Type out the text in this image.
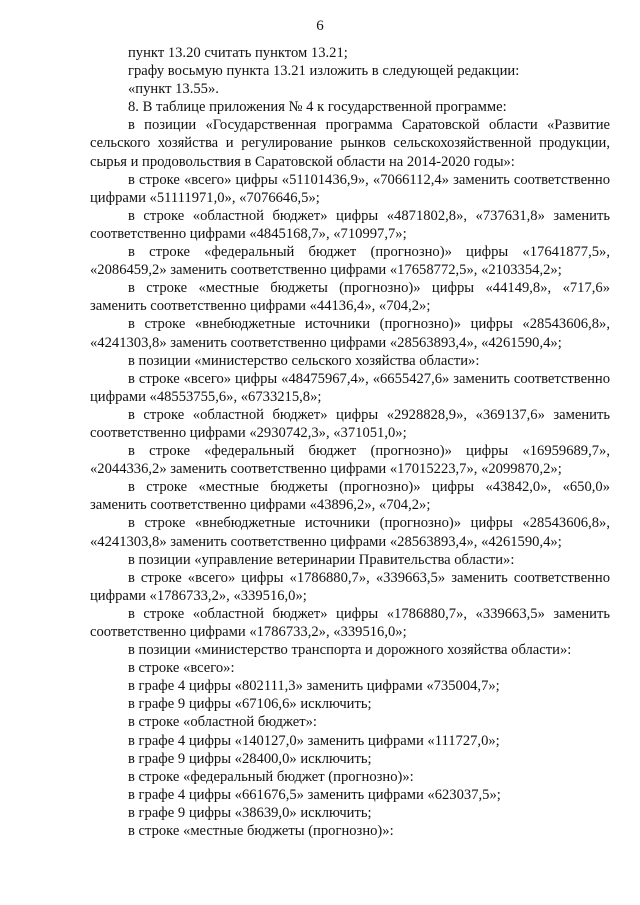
6

пункт 13.20 считать пунктом 13.21;

графу восьмую пункта 13.21 изложить в следующей редакции:

«пункт 13.55».

8. В таблице приложения № 4 к государственной программе:

в позиции «Государственная программа Саратовской области «Развитие сельского хозяйства и регулирование рынков сельскохозяйственной продукции, сырья и продовольствия в Саратовской области на 2014-2020 годы»:

в строке «всего» цифры «51101436,9», «7066112,4» заменить соответственно цифрами «51111971,0», «7076646,5»;

в строке «областной бюджет» цифры «4871802,8», «737631,8» заменить соответственно цифрами «4845168,7», «710997,7»;

в строке «федеральный бюджет (прогнозно)» цифры «17641877,5», «2086459,2» заменить соответственно цифрами «17658772,5», «2103354,2»;

в строке «местные бюджеты (прогнозно)» цифры «44149,8», «717,6» заменить соответственно цифрами «44136,4», «704,2»;

в строке «внебюджетные источники (прогнозно)» цифры «28543606,8», «4241303,8» заменить соответственно цифрами «28563893,4», «4261590,4»;

в позиции «министерство сельского хозяйства области»:

в строке «всего» цифры «48475967,4», «6655427,6» заменить соответственно цифрами «48553755,6», «6733215,8»;

в строке «областной бюджет» цифры «2928828,9», «369137,6» заменить соответственно цифрами «2930742,3», «371051,0»;

в строке «федеральный бюджет (прогнозно)» цифры «16959689,7», «2044336,2» заменить соответственно цифрами «17015223,7», «2099870,2»;

в строке «местные бюджеты (прогнозно)» цифры «43842,0», «650,0» заменить соответственно цифрами «43896,2», «704,2»;

в строке «внебюджетные источники (прогнозно)» цифры «28543606,8», «4241303,8» заменить соответственно цифрами «28563893,4», «4261590,4»;

в позиции «управление ветеринарии Правительства области»:

в строке «всего» цифры «1786880,7», «339663,5» заменить соответственно цифрами «1786733,2», «339516,0»;

в строке «областной бюджет» цифры «1786880,7», «339663,5» заменить соответственно цифрами «1786733,2», «339516,0»;

в позиции «министерство транспорта и дорожного хозяйства области»:

в строке «всего»:

в графе 4 цифры «802111,3» заменить цифрами «735004,7»;

в графе 9 цифры «67106,6» исключить;

в строке «областной бюджет»:

в графе 4 цифры «140127,0» заменить цифрами «111727,0»;

в графе 9 цифры «28400,0» исключить;

в строке «федеральный бюджет (прогнозно)»:

в графе 4 цифры «661676,5» заменить цифрами «623037,5»;

в графе 9 цифры «38639,0» исключить;

в строке «местные бюджеты (прогнозно)»:
